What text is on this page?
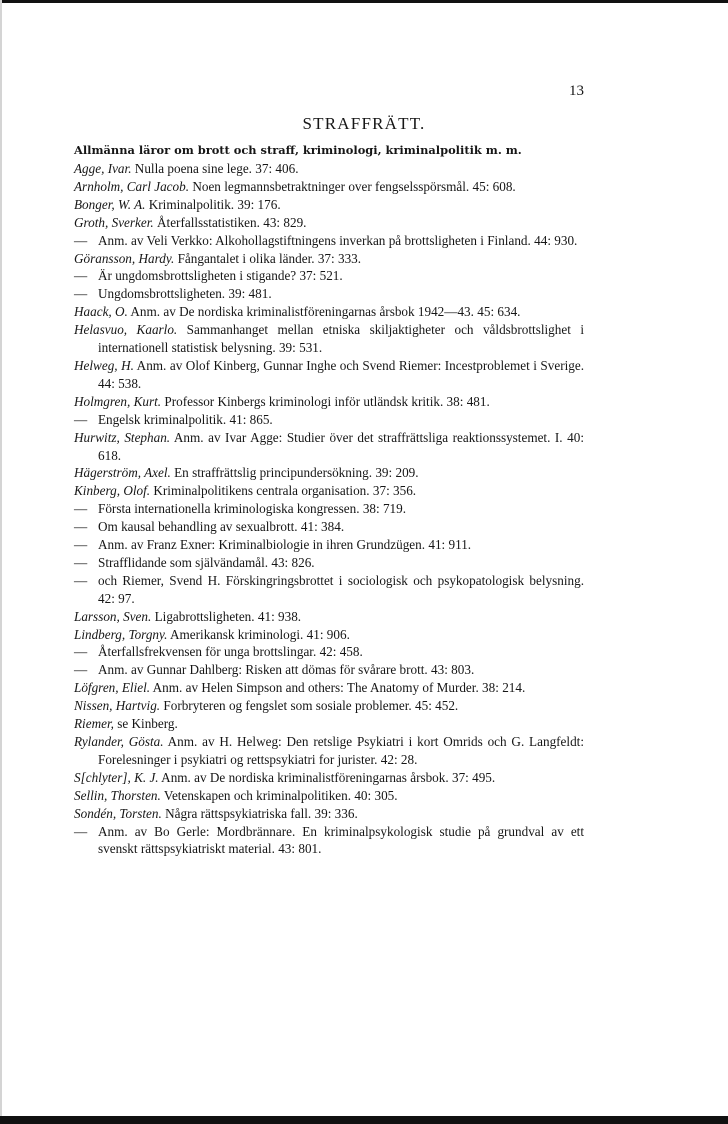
13
STRAFFRÄTT.
Allmänna läror om brott och straff, kriminologi, kriminalpolitik m. m.
Agge, Ivar. Nulla poena sine lege. 37: 406.
Arnholm, Carl Jacob. Noen legmannsbetraktninger over fengselsspörsmål. 45: 608.
Bonger, W. A. Kriminalpolitik. 39: 176.
Groth, Sverker. Återfallsstatistiken. 43: 829.
— Anm. av Veli Verkko: Alkohollagstiftningens inverkan på brottsligheten i Finland. 44: 930.
Göransson, Hardy. Fångantalet i olika länder. 37: 333.
— Är ungdomsbrottsligheten i stigande? 37: 521.
— Ungdomsbrottsligheten. 39: 481.
Haack, O. Anm. av De nordiska kriminalistföreningarnas årsbok 1942—43. 45: 634.
Helasvuo, Kaarlo. Sammanhanget mellan etniska skiljaktigheter och våldsbrottslighet i internationell statistisk belysning. 39: 531.
Helweg, H. Anm. av Olof Kinberg, Gunnar Inghe och Svend Riemer: Incestproblemet i Sverige. 44: 538.
Holmgren, Kurt. Professor Kinbergs kriminologi inför utländsk kritik. 38: 481.
— Engelsk kriminalpolitik. 41: 865.
Hurwitz, Stephan. Anm. av Ivar Agge: Studier över det straffrättsliga reaktionssystemet. I. 40: 618.
Hägerström, Axel. En straffrättslig principundersökning. 39: 209.
Kinberg, Olof. Kriminalpolitikens centrala organisation. 37: 356.
— Första internationella kriminologiska kongressen. 38: 719.
— Om kausal behandling av sexualbrott. 41: 384.
— Anm. av Franz Exner: Kriminalbiologie in ihren Grundzügen. 41: 911.
— Strafflidande som självändamål. 43: 826.
— och Riemer, Svend H. Förskingringsbrottet i sociologisk och psykopatologisk belysning. 42: 97.
Larsson, Sven. Ligabrottsligheten. 41: 938.
Lindberg, Torgny. Amerikansk kriminologi. 41: 906.
— Återfallsfrekvensen för unga brottslingar. 42: 458.
— Anm. av Gunnar Dahlberg: Risken att dömas för svårare brott. 43: 803.
Löfgren, Eliel. Anm. av Helen Simpson and others: The Anatomy of Murder. 38: 214.
Nissen, Hartvig. Forbryteren og fengslet som sosiale problemer. 45: 452.
Riemer, se Kinberg.
Rylander, Gösta. Anm. av H. Helweg: Den retslige Psykiatri i kort Omrids och G. Langfeldt: Forelesninger i psykiatri og rettspsykiatri for jurister. 42: 28.
S[chlyter], K. J. Anm. av De nordiska kriminalistföreningarnas årsbok. 37: 495.
Sellin, Thorsten. Vetenskapen och kriminalpolitiken. 40: 305.
Sondén, Torsten. Några rättspsykiatriska fall. 39: 336.
— Anm. av Bo Gerle: Mordbrännare. En kriminalpsykologisk studie på grundval av ett svenskt rättspsykiatriskt material. 43: 801.
